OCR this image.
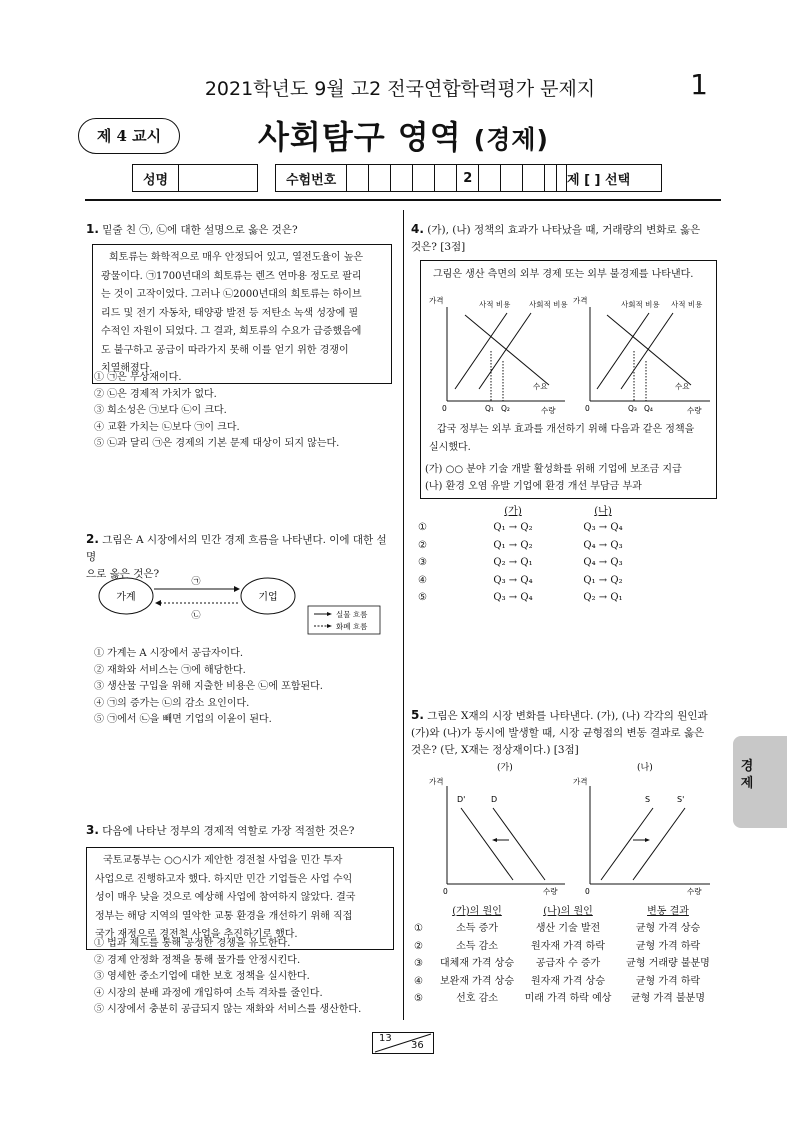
2021학년도 9월 고2 전국연합학력평가 문제지	1
제 4 교시	사회탐구 영역 (경제)
성명	수험번호	2	제 [ ] 선택
1. 밑줄 친 ㉠, ㉡에 대한 설명으로 옳은 것은?
희토류는 화학적으로 매우 안정되어 있고, 열전도율이 높은
광물이다. ㉠1700년대의 희토류는 렌즈 연마용 정도로 팔리
는 것이 고작이었다. 그러나 ㉡2000년대의 희토류는 하이브
리드 및 전기 자동차, 태양광 발전 등 저탄소 녹색 성장에 필
수적인 자원이 되었다. 그 결과, 희토류의 수요가 급증했음에
도 불구하고 공급이 따라가지 못해 이를 얻기 위한 경쟁이
치열해졌다.
① ㉠은 무상재이다.
② ㉡은 경제적 가치가 없다.
③ 희소성은 ㉠보다 ㉡이 크다.
④ 교환 가치는 ㉡보다 ㉠이 크다.
⑤ ㉡과 달리 ㉠은 경제의 기본 문제 대상이 되지 않는다.
2. 그림은 A 시장에서의 민간 경제 흐름을 나타낸다. 이에 대한 설명
으로 옳은 것은?
가계	기업
㉠
㉡	실물 흐름
화폐 흐름
① 가계는 A 시장에서 공급자이다.
② 재화와 서비스는 ㉠에 해당한다.
③ 생산물 구입을 위해 지출한 비용은 ㉡에 포함된다.
④ ㉠의 증가는 ㉡의 감소 요인이다.
⑤ ㉠에서 ㉡을 빼면 기업의 이윤이 된다.
3. 다음에 나타난 정부의 경제적 역할로 가장 적절한 것은?
국토교통부는 ○○시가 제안한 경전철 사업을 민간 투자
사업으로 진행하고자 했다. 하지만 민간 기업들은 사업 수익
성이 매우 낮을 것으로 예상해 사업에 참여하지 않았다. 결국
정부는 해당 지역의 열악한 교통 환경을 개선하기 위해 직접
국가 재정으로 경전철 사업을 추진하기로 했다.
① 법과 제도를 통해 공정한 경쟁을 유도한다.
② 경제 안정화 정책을 통해 물가를 안정시킨다.
③ 영세한 중소기업에 대한 보호 정책을 실시한다.
④ 시장의 분배 과정에 개입하여 소득 격차를 줄인다.
⑤ 시장에서 충분히 공급되지 않는 재화와 서비스를 생산한다.
4. (가), (나) 정책의 효과가 나타났을 때, 거래량의 변화로 옳은
것은? [3점]
그림은 생산 측면의 외부 경제 또는 외부 불경제를 나타낸다.
가격
수량
0
사적 비용 사회적 비용
수요
Q₁ Q₂
가격
수량
0
사회적 비용 사적 비용
수요
Q₃ Q₄
갑국 정부는 외부 효과를 개선하기 위해 다음과 같은 정책을
실시했다.
(가) ○○ 분야 기술 개발 활성화를 위해 기업에 보조금 지급
(나) 환경 오염 유발 기업에 환경 개선 부담금 부과
(가)	(나)
①	Q₁ → Q₂	Q₃ → Q₄
②	Q₁ → Q₂	Q₄ → Q₃
③	Q₂ → Q₁	Q₄ → Q₃
④	Q₃ → Q₄	Q₁ → Q₂
⑤	Q₃ → Q₄	Q₂ → Q₁
5. 그림은 X재의 시장 변화를 나타낸다. (가), (나) 각각의 원인과
(가)와 (나)가 동시에 발생할 때, 시장 균형점의 변동 결과로 옳은
것은? (단, X재는 정상재이다.) [3점]
(가)
가격
수량
0
D'	D
(나)
가격
수량
0
S	S'
(가)의 원인	(나)의 원인	변동 결과
①	소득 증가	생산 기술 발전	균형 가격 상승
②	소득 감소	원자재 가격 하락	균형 가격 하락
③	대체재 가격 상승	공급자 수 증가	균형 거래량 불분명
④	보완재 가격 상승	원자재 가격 상승	균형 가격 하락
⑤	선호 감소	미래 가격 하락 예상	균형 가격 불분명
경제
13
36
